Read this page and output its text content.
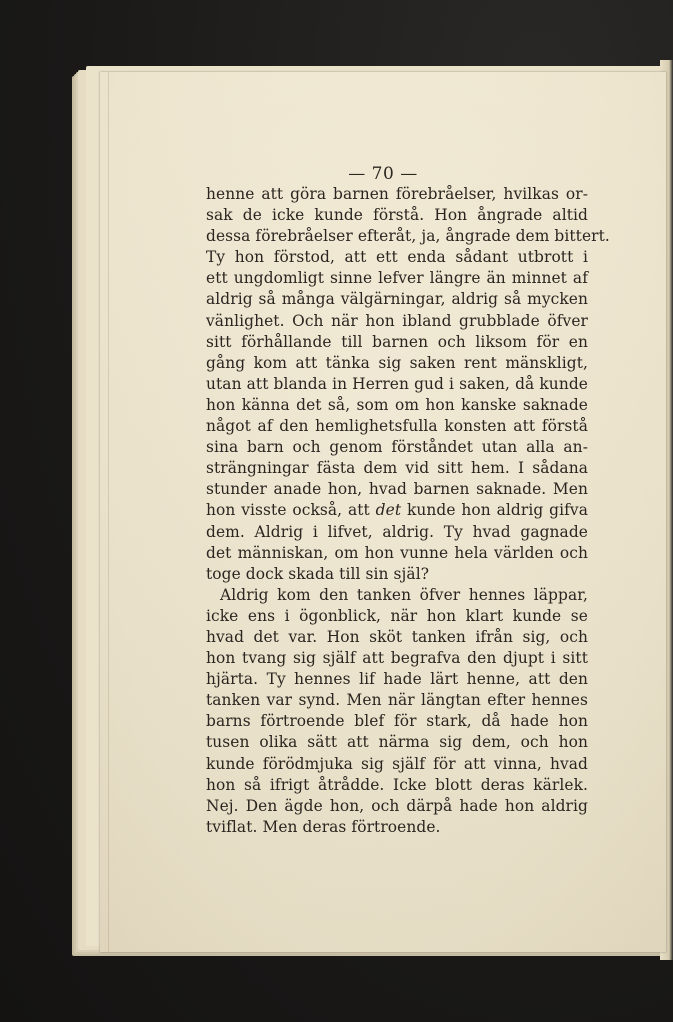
— 70 —
henne att göra barnen förebråelser, hvilkas or-
sak de icke kunde förstå. Hon ångrade altid
dessa förebråelser efteråt, ja, ångrade dem bittert.
Ty hon förstod, att ett enda sådant utbrott i
ett ungdomligt sinne lefver längre än minnet af
aldrig så många välgärningar, aldrig så mycken
vänlighet. Och när hon ibland grubblade öfver
sitt förhållande till barnen och liksom för en
gång kom att tänka sig saken rent mänskligt,
utan att blanda in Herren gud i saken, då kunde
hon känna det så, som om hon kanske saknade
något af den hemlighetsfulla konsten att förstå
sina barn och genom förståndet utan alla an-
strängningar fästa dem vid sitt hem. I sådana
stunder anade hon, hvad barnen saknade. Men
hon visste också, att det kunde hon aldrig gifva
dem. Aldrig i lifvet, aldrig. Ty hvad gagnade
det människan, om hon vunne hela världen och
toge dock skada till sin själ?
Aldrig kom den tanken öfver hennes läppar,
icke ens i ögonblick, när hon klart kunde se
hvad det var. Hon sköt tanken ifrån sig, och
hon tvang sig själf att begrafva den djupt i sitt
hjärta. Ty hennes lif hade lärt henne, att den
tanken var synd. Men när längtan efter hennes
barns förtroende blef för stark, då hade hon
tusen olika sätt att närma sig dem, och hon
kunde förödmjuka sig själf för att vinna, hvad
hon så ifrigt åtrådde. Icke blott deras kärlek.
Nej. Den ägde hon, och därpå hade hon aldrig
tviflat. Men deras förtroende.
